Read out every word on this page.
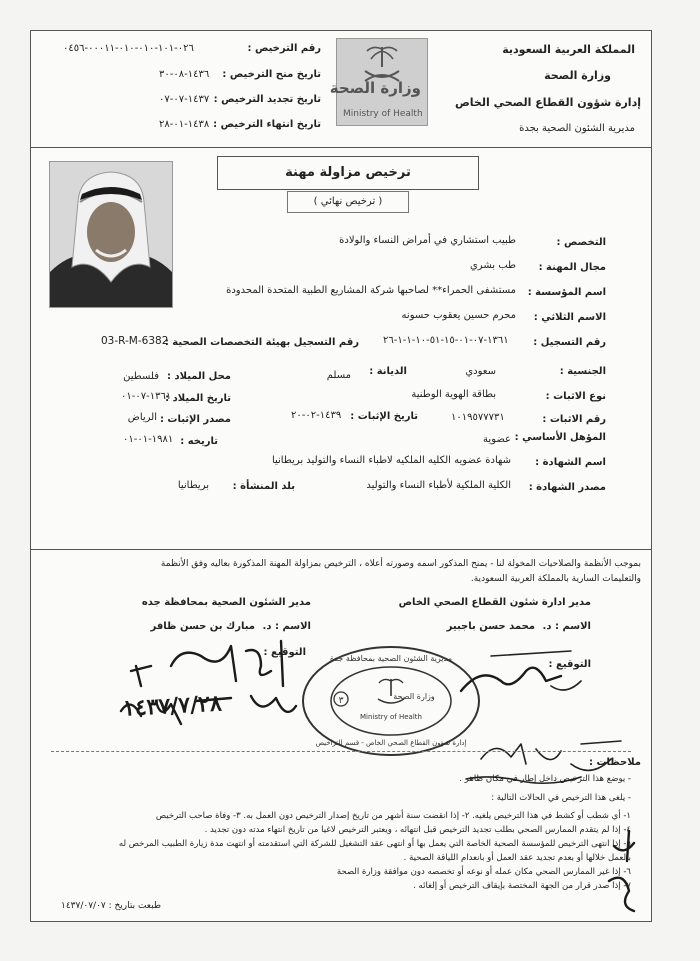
المملكة العربية السعودية
وزارة الصحة
إدارة شؤون القطاع الصحي الخاص
مديرية الشئون الصحية بجدة
وزارة الصحة
Ministry of Health
رقم الترخيص :
٠٢٦-١٠١-٠١٠-٠١٠-٠٠٠١١-٠٤٥٦
تاريخ منح الترخيص :
١٤٣٦-٠٨-٣٠
تاريخ تجديد الترخيص :
١٤٣٧-٠٧-٠٧
تاريخ انتهاء الترخيص :
١٤٣٨-٠١-٢٨
ترخيص مزاولة مهنة
( ترخيص نهائي )
التخصص :
طبيب استشاري في أمراض النساء والولادة
مجال المهنة :
طب بشري
اسم المؤسسة :
مستشفى الحمراء** لصاحبها شركة المشاريع الطبية المتحدة المحدودة
الاسم الثلاثي :
محرم حسين يعقوب حسونه
رقم التسجيل :
١٣٦١-٠٧-٠١-١٥-٥١-١٠-١-١-٢٦
رقم التسجيل بهيئة التخصصات الصحية :
03-R-M-6382
الجنسية :
سعودي
الديانة :
مسلم
محل الميلاد :
فلسطين
نوع الاثبات :
بطاقة الهوية الوطنية
تاريخ الميلاد :
١٣٦١-٠٧-٠١
رقم الاثبات :
١٠١٩٥٧٧٧٣١
تاريخ الإثبات :
١٤٣٩-٠٢-٢٠
مصدر الإثبات :
الرياض
المؤهل الأساسي :
عضوية
تاريخه :
١٩٨١-٠١-٠١
اسم الشهادة :
شهادة عضويه الكليه الملكيه لاطباء النساء والتوليد بريطانيا
مصدر الشهادة :
الكلية الملكية لأطباء النساء والتوليد
بلد المنشأة :
بريطانيا
بموجب الأنظمة والصلاحيات المخولة لنا - يمنح المذكور اسمه وصورته أعلاه ، الترخيص بمزاولة المهنة المذكورة بعاليه وفق الأنظمة
والتعليمات السارية بالمملكة العربية السعودية.
مدير ادارة شئون القطاع الصحي الخاص
الاسم : د.
محمد حسن باجبير
التوقيع :
مدير الشئون الصحية بمحافظة جده
الاسم : د.
مبارك بن حسن ظافر
التوقيع :
١٤٣٧/٧/٢٨	٣
Ministry of Health
وزارة الصحة
مديرية الشئون الصحية بمحافظة جدة
إدارة شؤون القطاع الصحي الخاص - قسم التراخيص
ملاحظات :
- يوضع هذا الترخيص داخل إطار في مكان ظاهر .
- يلغى هذا الترخيص في الحالات التالية :
١- أي شطب أو كشط في هذا الترخيص يلغيه. ٢- إذا انقضت سنة أشهر من تاريخ إصدار الترخيص دون العمل به. ٣- وفاة صاحب الترخيص
٤- إذا لم يتقدم الممارس الصحي بطلب تجديد الترخيص قبل انتهائه ، ويعتبر الترخيص لاغيا من تاريخ انتهاء مدته دون تجديد .
٥- إذا انتهى الترخيص للمؤسسة الصحية الخاصة التي يعمل بها أو انتهى عقد التشغيل للشركة التي استقدمته أو انتهت مدة زيارة الطبيب المرخص له
بالعمل خلالها أو بعدم تجديد عقد العمل أو بانعدام اللياقة الصحية .
٦- إذا غير الممارس الصحي مكان عمله أو نوعه أو تخصصه دون موافقة وزارة الصحة
٧- إذا صدر قرار من الجهة المختصة بإيقاف الترخيص أو إلغائه .
طبعت بتاريخ :
١٤٣٧/٠٧/٠٧
